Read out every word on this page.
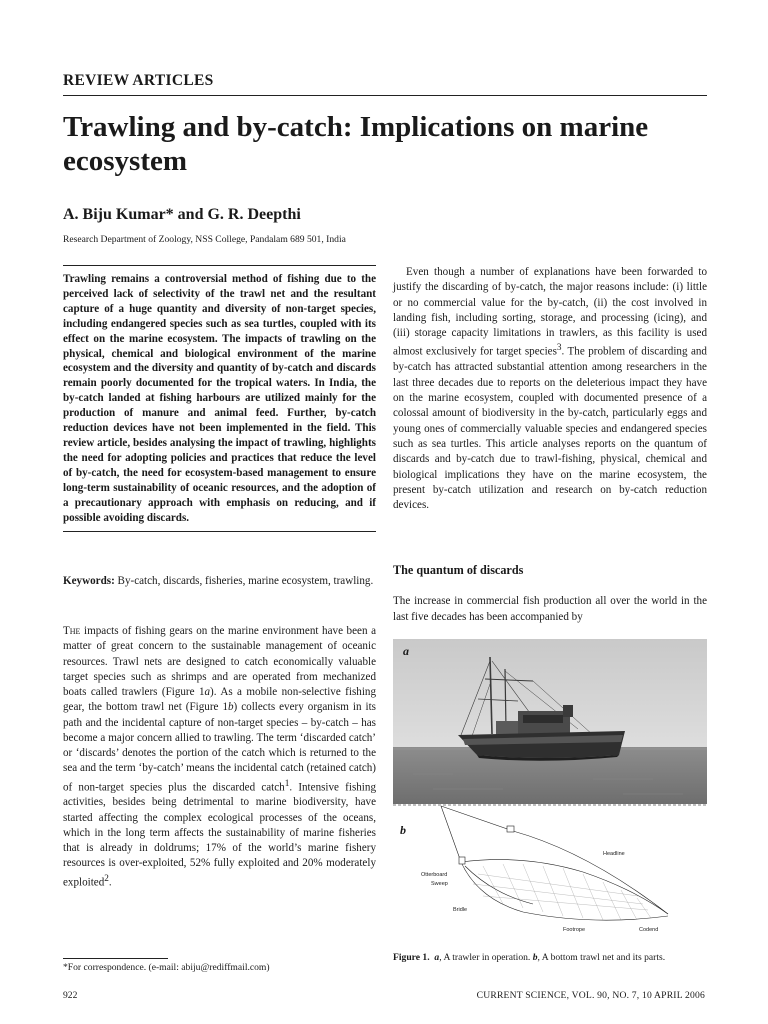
REVIEW ARTICLES
Trawling and by-catch: Implications on marine ecosystem
A. Biju Kumar* and G. R. Deepthi
Research Department of Zoology, NSS College, Pandalam 689 501, India

Trawling remains a controversial method of fishing due to the perceived lack of selectivity of the trawl net and the resultant capture of a huge quantity and diversity of non-target species, including endangered species such as sea turtles, coupled with its effect on the marine ecosystem. The impacts of trawling on the physical, chemical and biological environment of the marine ecosystem and the diversity and quantity of by-catch and discards remain poorly documented for the tropical waters. In India, the by-catch landed at fishing harbours are utilized mainly for the production of manure and animal feed. Further, by-catch reduction devices have not been implemented in the field. This review article, besides analysing the impact of trawling, highlights the need for adopting policies and practices that reduce the level of by-catch, the need for ecosystem-based management to ensure long-term sustainability of oceanic resources, and the adoption of a precautionary approach with emphasis on reducing, and if possible avoiding discards.

Keywords: By-catch, discards, fisheries, marine ecosystem, trawling.

The impacts of fishing gears on the marine environment have been a matter of great concern to the sustainable management of oceanic resources. Trawl nets are designed to catch economically valuable target species such as shrimps and are operated from mechanized boats called trawlers (Figure 1a). As a mobile non-selective fishing gear, the bottom trawl net (Figure 1b) collects every organism in its path and the incidental capture of non-target species – by-catch – has become a major concern allied to trawling. The term ‘discarded catch’ or ‘discards’ denotes the portion of the catch which is returned to the sea and the term ‘by-catch’ means the incidental catch (retained catch) of non-target species plus the discarded catch$^1$. Intensive fishing activities, besides being detrimental to marine biodiversity, have started affecting the complex ecological processes of the oceans, which in the long term affects the sustainability of marine fisheries that is already in doldrums; 17% of the world’s marine fishery resources is over-exploited, 52% fully exploited and 20% moderately exploited$^2$.

Even though a number of explanations have been forwarded to justify the discarding of by-catch, the major reasons include: (i) little or no commercial value for the by-catch, (ii) the cost involved in landing fish, including sorting, storage, and processing (icing), and (iii) storage capacity limitations in trawlers, as this facility is used almost exclusively for target species$^3$. The problem of discarding and by-catch has attracted substantial attention among researchers in the last three decades due to reports on the deleterious impact they have on the marine ecosystem, coupled with documented presence of a colossal amount of biodiversity in the by-catch, particularly eggs and young ones of commercially valuable species and endangered species such as sea turtles. This article analyses reports on the quantum of discards and by-catch due to trawl-fishing, physical, chemical and biological implications they have on the marine ecosystem, the present by-catch utilization and research on by-catch reduction devices.

The quantum of discards

The increase in commercial fish production all over the world in the last five decades has been accompanied by

a
Headline
Otterboard
Sweep
Bridle
Footrope	Codend
b

Figure 1. a, A trawler in operation. b, A bottom trawl net and its parts.

*For correspondence. (e-mail: abiju@rediffmail.com)

922	CURRENT SCIENCE, VOL. 90, NO. 7, 10 APRIL 2006
